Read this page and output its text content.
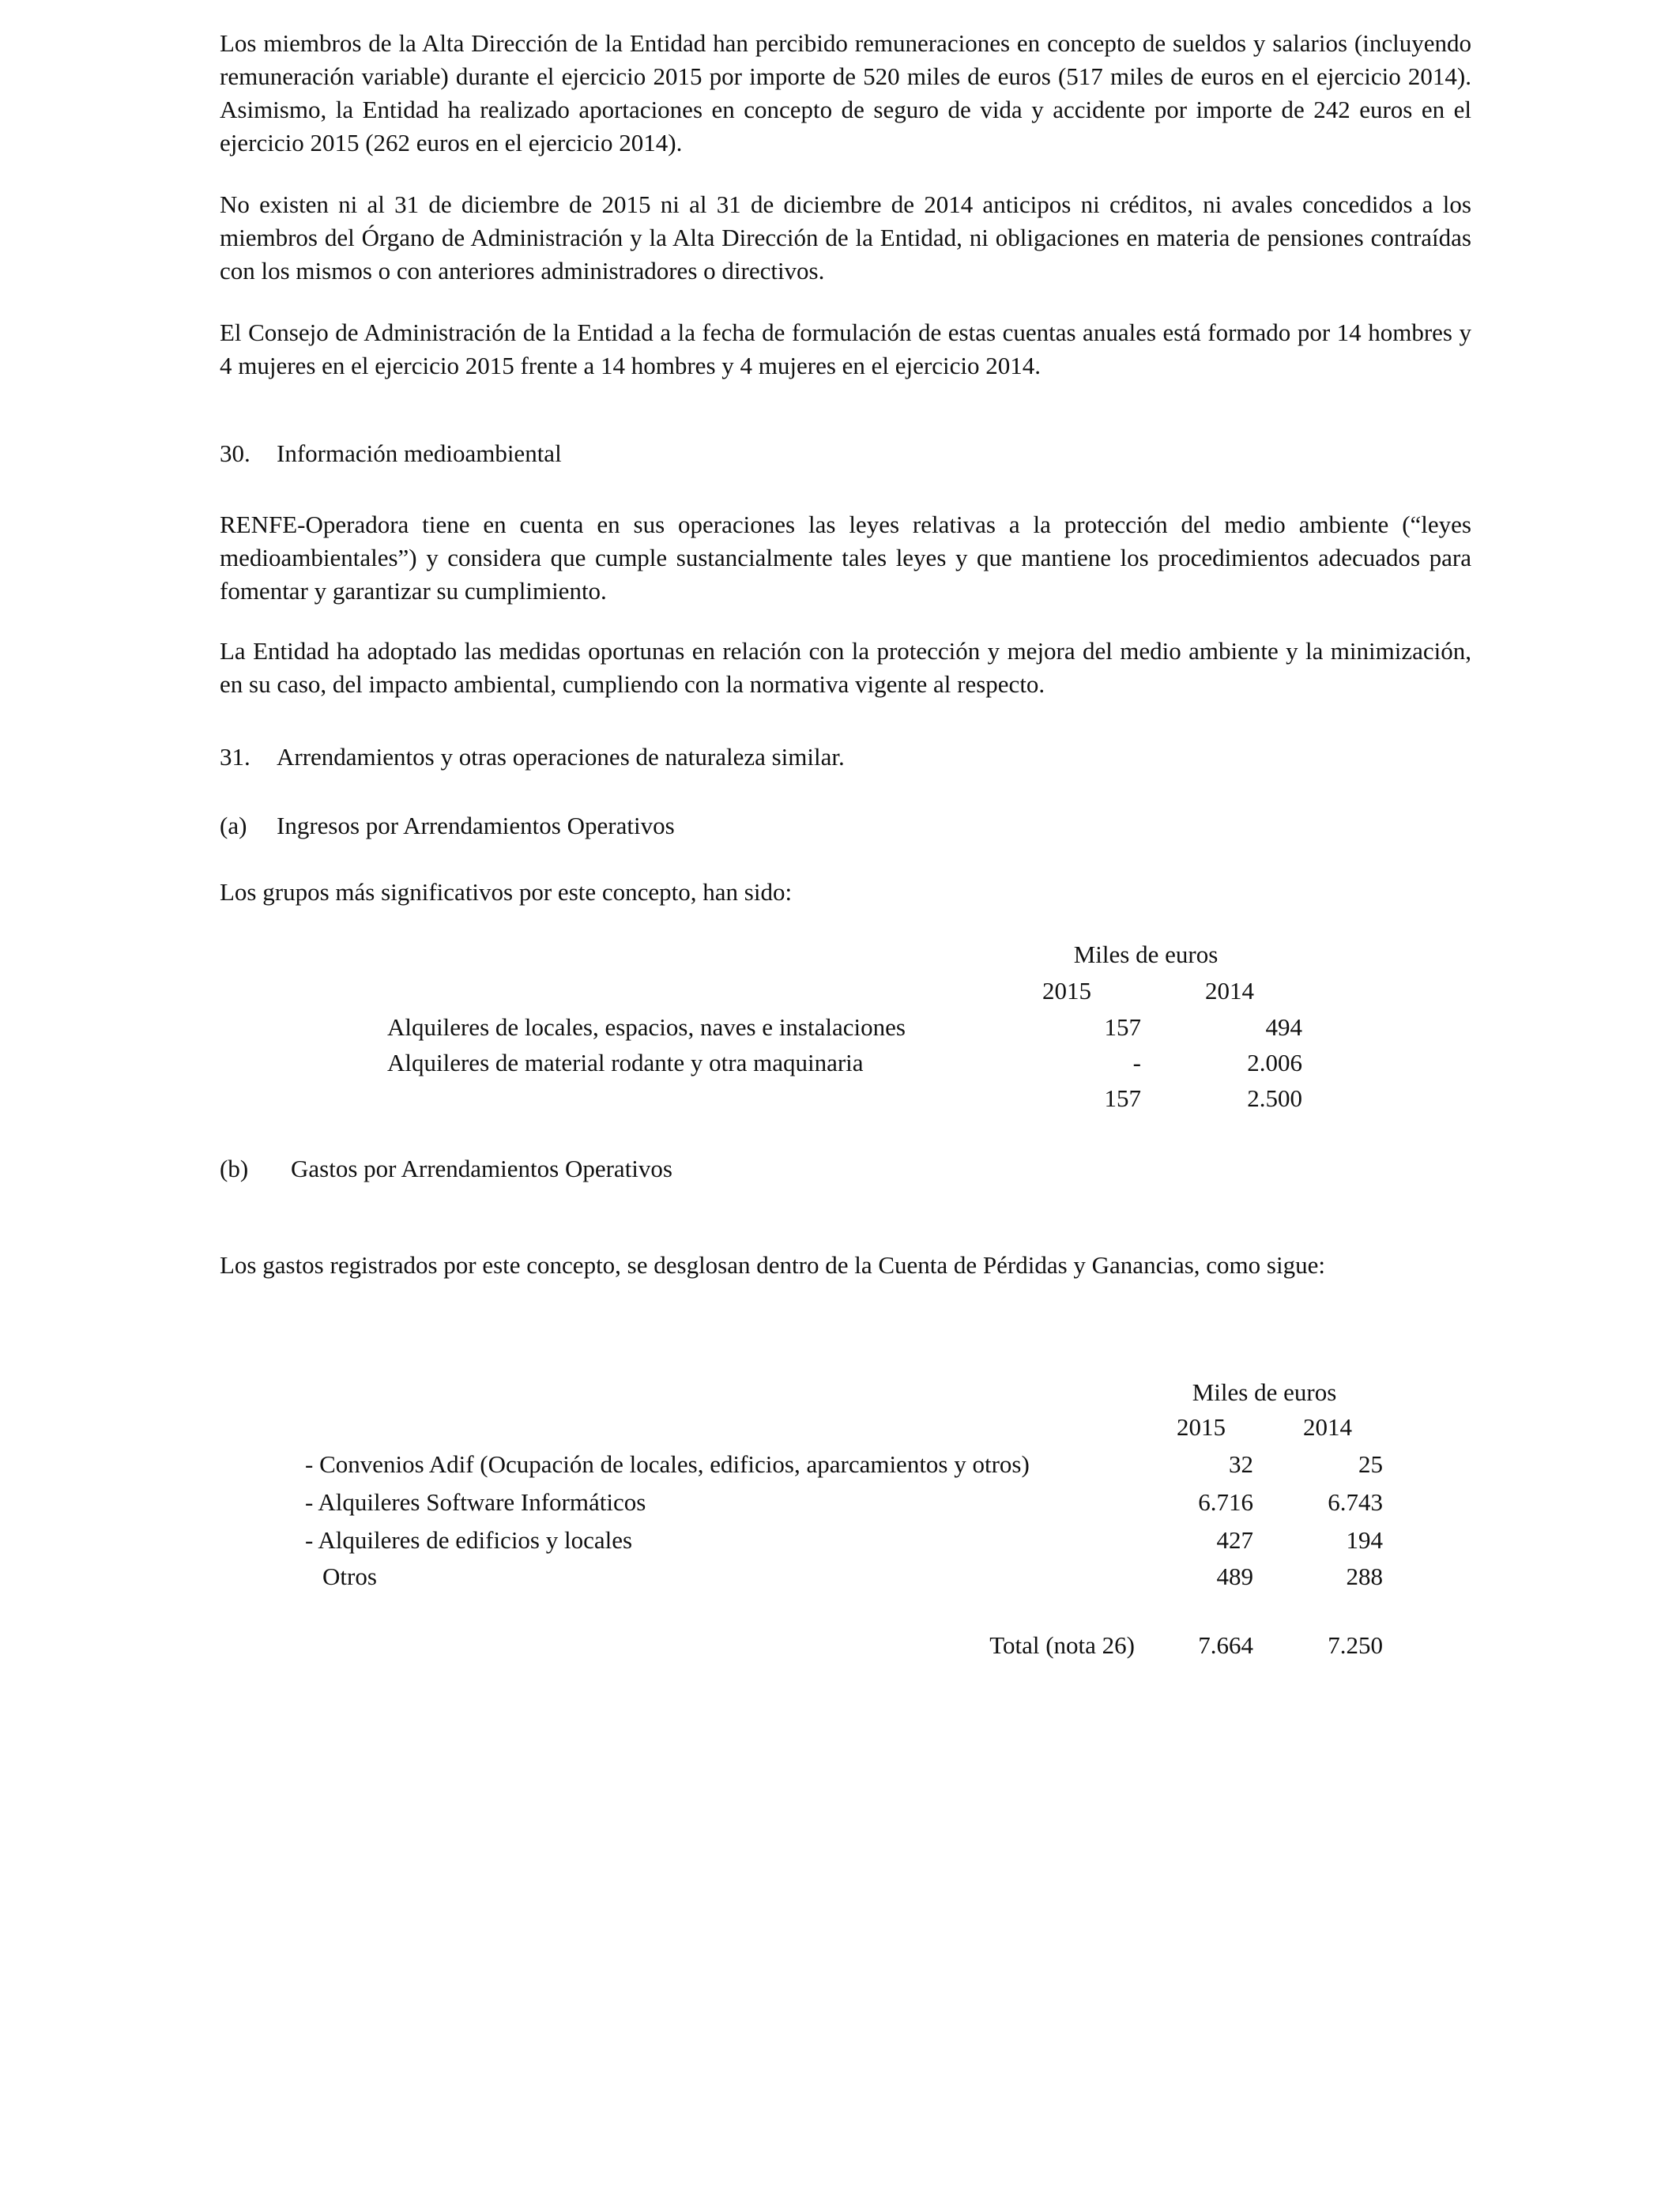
Los miembros de la Alta Dirección de la Entidad han percibido remuneraciones en concepto de sueldos y salarios (incluyendo remuneración variable) durante el ejercicio 2015 por importe de 520 miles de euros (517 miles de euros en el ejercicio 2014). Asimismo, la Entidad ha realizado aportaciones en concepto de seguro de vida y accidente por importe de 242 euros en el ejercicio 2015 (262 euros en el ejercicio 2014).

No existen ni al 31 de diciembre de 2015 ni al 31 de diciembre de 2014 anticipos ni créditos, ni avales concedidos a los miembros del Órgano de Administración y la Alta Dirección de la Entidad, ni obligaciones en materia de pensiones contraídas con los mismos o con anteriores administradores o directivos.

El Consejo de Administración de la Entidad a la fecha de formulación de estas cuentas anuales está formado por 14 hombres y 4 mujeres en el ejercicio 2015 frente a 14 hombres y 4 mujeres en el ejercicio 2014.

30. Información medioambiental

RENFE-Operadora tiene en cuenta en sus operaciones las leyes relativas a la protección del medio ambiente (“leyes medioambientales”) y considera que cumple sustancialmente tales leyes y que mantiene los procedimientos adecuados para fomentar y garantizar su cumplimiento.

La Entidad ha adoptado las medidas oportunas en relación con la protección y mejora del medio ambiente y la minimización, en su caso, del impacto ambiental, cumpliendo con la normativa vigente al respecto.

31. Arrendamientos y otras operaciones de naturaleza similar.
(a) Ingresos por Arrendamientos Operativos

Los grupos más significativos por este concepto, han sido:

Miles de euros
2015	2014
Alquileres de locales, espacios, naves e instalaciones	157	494
Alquileres de material rodante y otra maquinaria	-	2.006
157	2.500
(b) Gastos por Arrendamientos Operativos

Los gastos registrados por este concepto, se desglosan dentro de la Cuenta de Pérdidas y Ganancias, como sigue:

Miles de euros
2015	2014
- Convenios Adif (Ocupación de locales, edificios, aparcamientos y otros)	32	25
- Alquileres Software Informáticos	6.716	6.743
- Alquileres de edificios y locales	427	194
Otros	489	288
Total (nota 26)	7.664	7.250
